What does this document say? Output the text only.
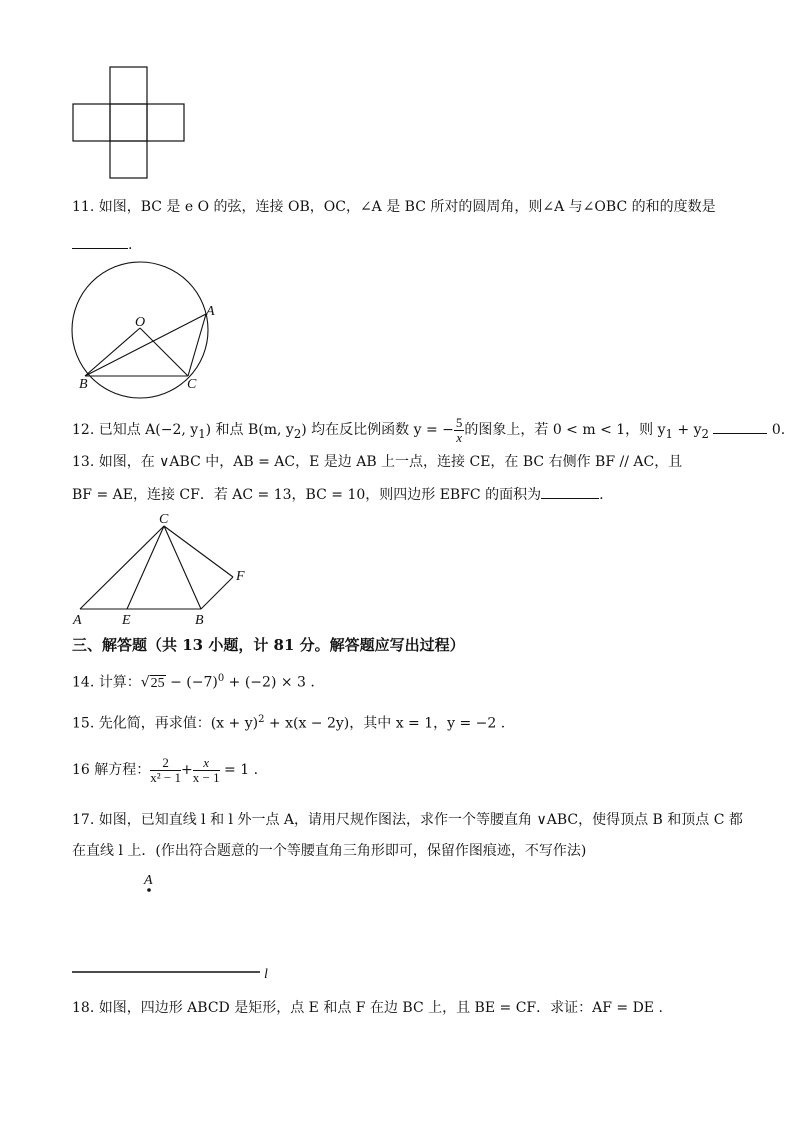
11. 如图，BC 是 e O 的弦，连接 OB，OC，∠A 是 BC 所对的圆周角，则∠A 与∠OBC 的和的度数是
.
O
A
B	C
12. 已知点 A(−2, $y_1$) 和点 B(m, $y_2$) 均在反比例函数 y = − $\frac{5}{x}$ 的图象上，若 0 < m < 1，则 $y_1 + y_2$	0.
13. 如图，在 ∨ABC 中，AB = AC，E 是边 AB 上一点，连接 CE，在 BC 右侧作 BF // AC，且
BF = AE，连接 CF．若 AC = 13，BC = 10，则四边形 EBFC 的面积为	.
C
F
A	E	B
三、解答题（共 13 小题，计 81 分。解答题应写出过程）
14. 计算：$√25 - (-7)^0 + (-2) \times 3$ .
15. 先化简，再求值：$(x + y)^2 + x(x - 2y)$，其中 x = 1，y = −2 .
16 解方程： $\frac{2}{\text{x² − 1}} + \frac{x}{x - 1} = 1$ .
17. 如图，已知直线 l 和 l 外一点 A，请用尺规作图法，求作一个等腰直角 ∨ABC，使得顶点 B 和顶点 C 都
在直线 l 上．(作出符合题意的一个等腰直角三角形即可，保留作图痕迹，不写作法)
A
l
18. 如图，四边形 ABCD 是矩形，点 E 和点 F 在边 BC 上，且 BE = CF．求证：AF = DE .
